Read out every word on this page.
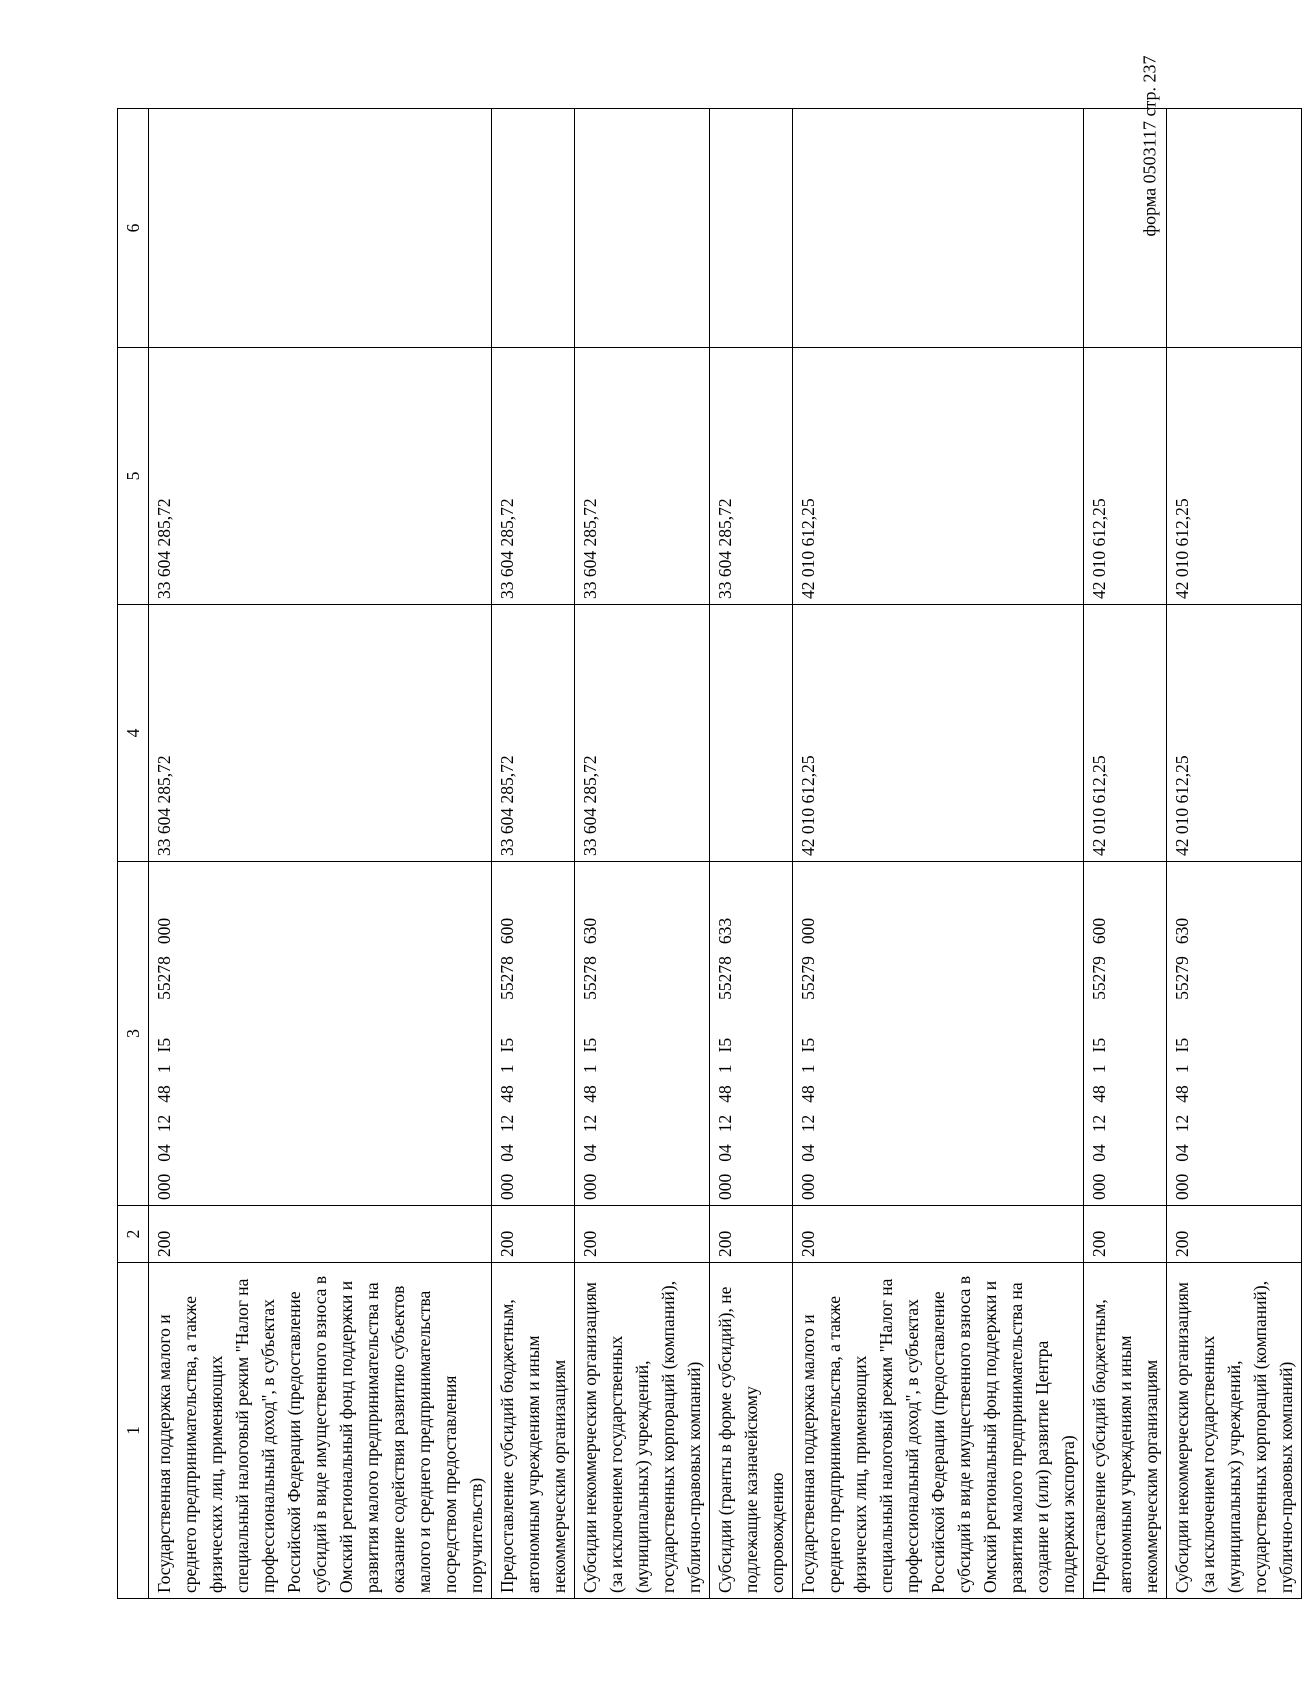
форма 0503117 стр. 237
1	2	3	4	5	6
Государственная поддержка малого и среднего предпринимательства, а также физических лиц, применяющих специальный налоговый режим "Налог на профессиональный доход", в субъектах Российской Федерации (предоставление субсидий в виде имущественного взноса в Омский региональный фонд поддержки и развития малого предпринимательства на оказание содействия развитию субъектов малого и среднего предпринимательства посредством предоставления поручительств)	200	0000412481I555278000	33 604 285,72	33 604 285,72	
Предоставление субсидий бюджетным, автономным учреждениям и иным некоммерческим организациям	200	0000412481I555278600	33 604 285,72	33 604 285,72	
Субсидии некоммерческим организациям (за исключением государственных (муниципальных) учреждений, государственных корпораций (компаний), публично-правовых компаний)	200	0000412481I555278630	33 604 285,72	33 604 285,72	
Субсидии (гранты в форме субсидий), не подлежащие казначейскому сопровождению	200	0000412481I555278633		33 604 285,72	
Государственная поддержка малого и среднего предпринимательства, а также физических лиц, применяющих специальный налоговый режим "Налог на профессиональный доход", в субъектах Российской Федерации (предоставление субсидий в виде имущественного взноса в Омский региональный фонд поддержки и развития малого предпринимательства на создание и (или) развитие Центра поддержки экспорта)	200	0000412481I555279000	42 010 612,25	42 010 612,25	
Предоставление субсидий бюджетным, автономным учреждениям и иным некоммерческим организациям	200	0000412481I555279600	42 010 612,25	42 010 612,25	
Субсидии некоммерческим организациям (за исключением государственных (муниципальных) учреждений, государственных корпораций (компаний), публично-правовых компаний)	200	0000412481I555279630	42 010 612,25	42 010 612,25	
